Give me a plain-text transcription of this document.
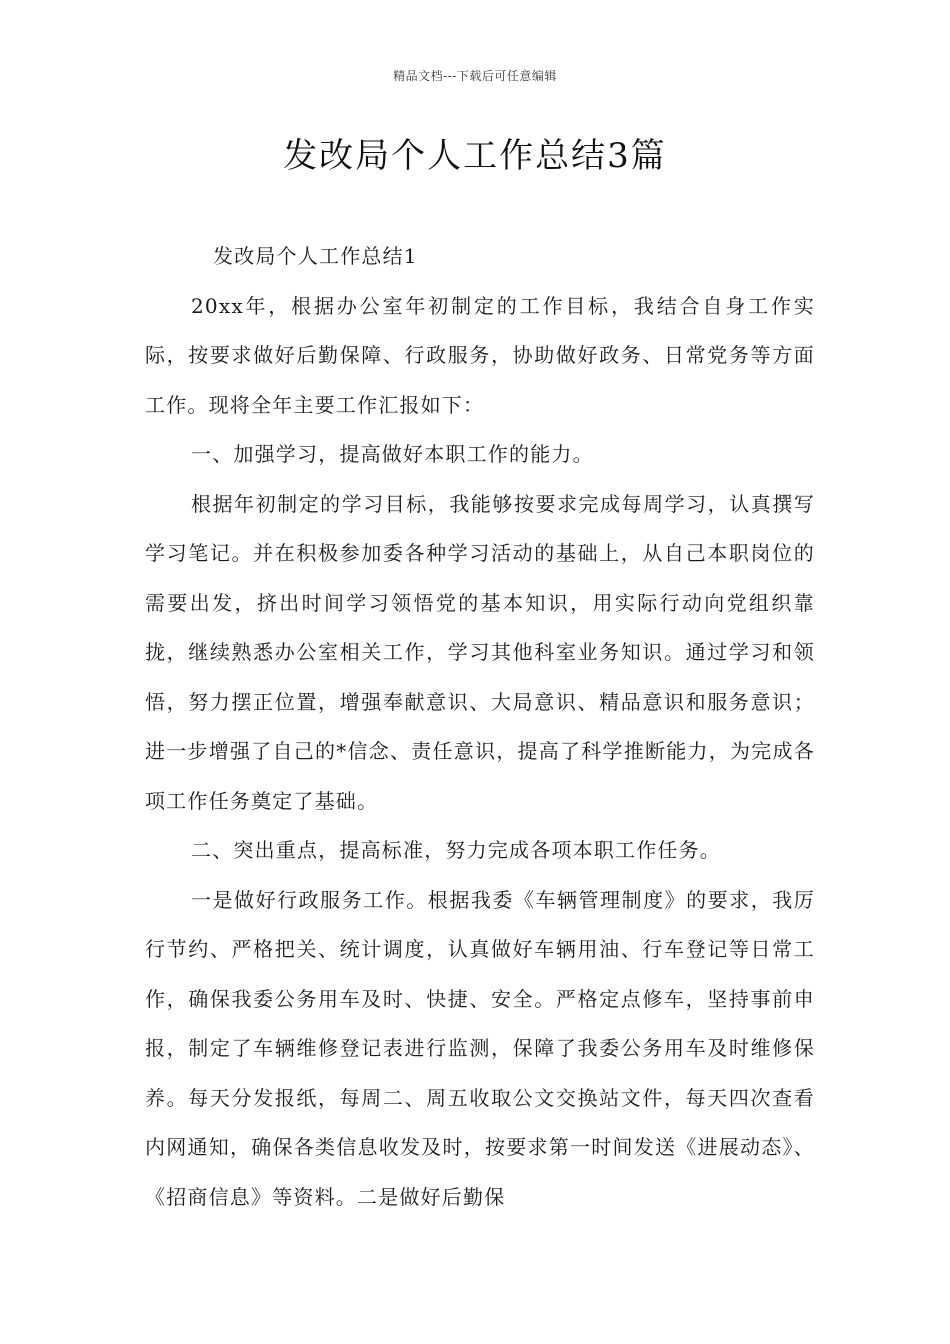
精品文档---下载后可任意编辑
发改局个人工作总结3篇

发改局个人工作总结1

20xx年，根据办公室年初制定的工作目标，我结合自身工作实际，按要求做好后勤保障、行政服务，协助做好政务、日常党务等方面工作。现将全年主要工作汇报如下：

一、加强学习，提高做好本职工作的能力。

根据年初制定的学习目标，我能够按要求完成每周学习，认真撰写学习笔记。并在积极参加委各种学习活动的基础上，从自己本职岗位的需要出发，挤出时间学习领悟党的基本知识，用实际行动向党组织靠拢，继续熟悉办公室相关工作，学习其他科室业务知识。通过学习和领悟，努力摆正位置，增强奉献意识、大局意识、精品意识和服务意识；进一步增强了自己的*信念、责任意识，提高了科学推断能力，为完成各项工作任务奠定了基础。

二、突出重点，提高标准，努力完成各项本职工作任务。

一是做好行政服务工作。根据我委《车辆管理制度》的要求，我厉行节约、严格把关、统计调度，认真做好车辆用油、行车登记等日常工作，确保我委公务用车及时、快捷、安全。严格定点修车，坚持事前申报，制定了车辆维修登记表进行监测，保障了我委公务用车及时维修保养。每天分发报纸，每周二、周五收取公文交换站文件，每天四次查看内网通知，确保各类信息收发及时，按要求第一时间发送《进展动态》、《招商信息》等资料。二是做好后勤保
